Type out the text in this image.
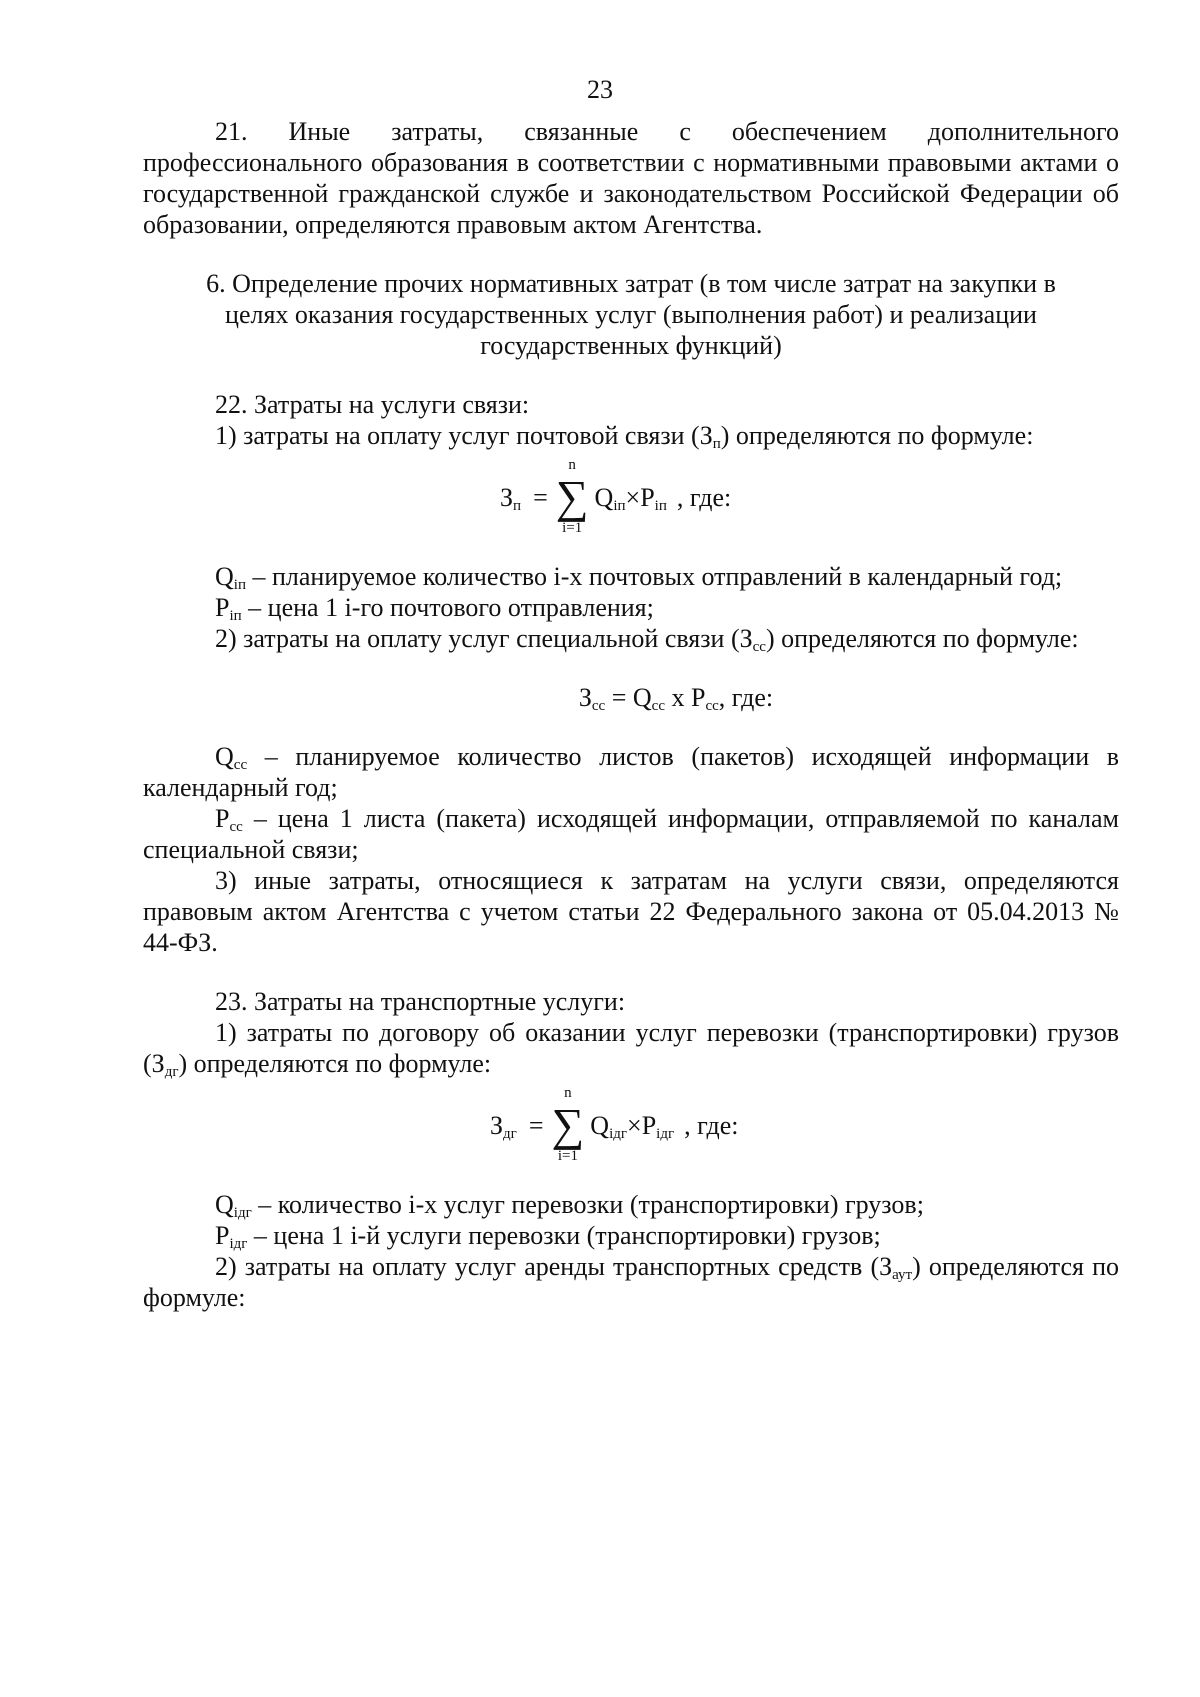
23

21. Иные затраты, связанные с обеспечением дополнительного профессионального образования в соответствии с нормативными правовыми актами о государственной гражданской службе и законодательством Российской Федерации об образовании, определяются правовым актом Агентства.

6. Определение прочих нормативных затрат (в том числе затрат на закупки в целях оказания государственных услуг (выполнения работ) и реализации государственных функций)

22. Затраты на услуги связи:

1) затраты на оплату услуг почтовой связи $(З_п)$ определяются по формуле:

$З_п$ =
n
∑
i=1
$Q_{iп}\times P_{iп}$ , где:

$Q_{iп}$ – планируемое количество i-х почтовых отправлений в календарный год;

$P_{iп}$ – цена 1 i-го почтового отправления;

2) затраты на оплату услуг специальной связи $(З_{сс})$ определяются по формуле:

$З_{сс} = Q_{сс}$ x $P_{сс}$, где:

$Q_{сс}$ – планируемое количество листов (пакетов) исходящей информации в календарный год;

$P_{сс}$ – цена 1 листа (пакета) исходящей информации, отправляемой по каналам специальной связи;

3) иные затраты, относящиеся к затратам на услуги связи, определяются правовым актом Агентства с учетом статьи 22 Федерального закона от 05.04.2013 № 44-ФЗ.

23. Затраты на транспортные услуги:

1) затраты по договору об оказании услуг перевозки (транспортировки) грузов $(З_{дг})$ определяются по формуле:

$З_{дг}$ =
n
∑
i=1
$Q_{iдг}\times P_{iдг}$ , где:

$Q_{iдг}$ – количество i-х услуг перевозки (транспортировки) грузов;

$P_{iдг}$ – цена 1 i-й услуги перевозки (транспортировки) грузов;

2) затраты на оплату услуг аренды транспортных средств $(З_{аут})$ определяются по формуле:
